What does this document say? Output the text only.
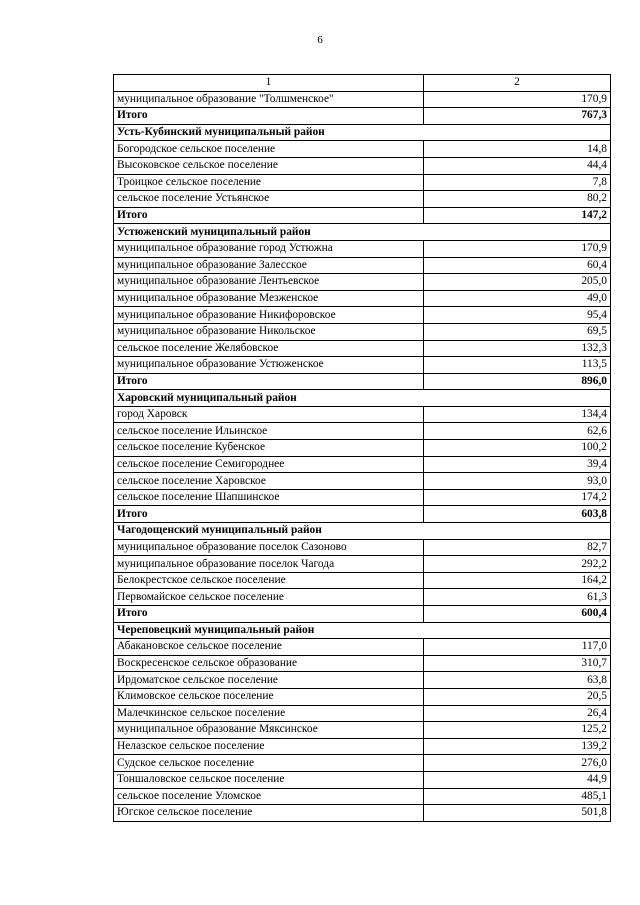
6
1	2
муниципальное образование "Толшменское"	170,9
Итого	767,3
Усть-Кубинский муниципальный район	
Богородское сельское поселение	14,8
Высоковское сельское поселение	44,4
Троицкое сельское поселение	7,8
сельское поселение Устьянское	80,2
Итого	147,2
Устюженский муниципальный район	
муниципальное образование город Устюжна	170,9
муниципальное образование Залесское	60,4
муниципальное образование Лентьевское	205,0
муниципальное образование Мезженское	49,0
муниципальное образование Никифоровское	95,4
муниципальное образование Никольское	69,5
сельское поселение Желябовское	132,3
муниципальное образование Устюженское	113,5
Итого	896,0
Харовский муниципальный район	
город Харовск	134,4
сельское поселение Ильинское	62,6
сельское поселение Кубенское	100,2
сельское поселение Семигороднее	39,4
сельское поселение Харовское	93,0
сельское поселение Шапшинское	174,2
Итого	603,8
Чагодощенский муниципальный район	
муниципальное образование поселок Сазоново	82,7
муниципальное образование поселок Чагода	292,2
Белокрестское сельское поселение	164,2
Первомайское сельское поселение	61,3
Итого	600,4
Череповецкий муниципальный район	
Абакановское сельское поселение	117,0
Воскресенское сельское образование	310,7
Ирдоматское сельское поселение	63,8
Климовское сельское поселение	20,5
Малечкинское сельское поселение	26,4
муниципальное образование Мяксинское	125,2
Нелазское сельское поселение	139,2
Судское сельское поселение	276,0
Тоншаловское сельское поселение	44,9
сельское поселение Уломское	485,1
Югское сельское поселение	501,8
